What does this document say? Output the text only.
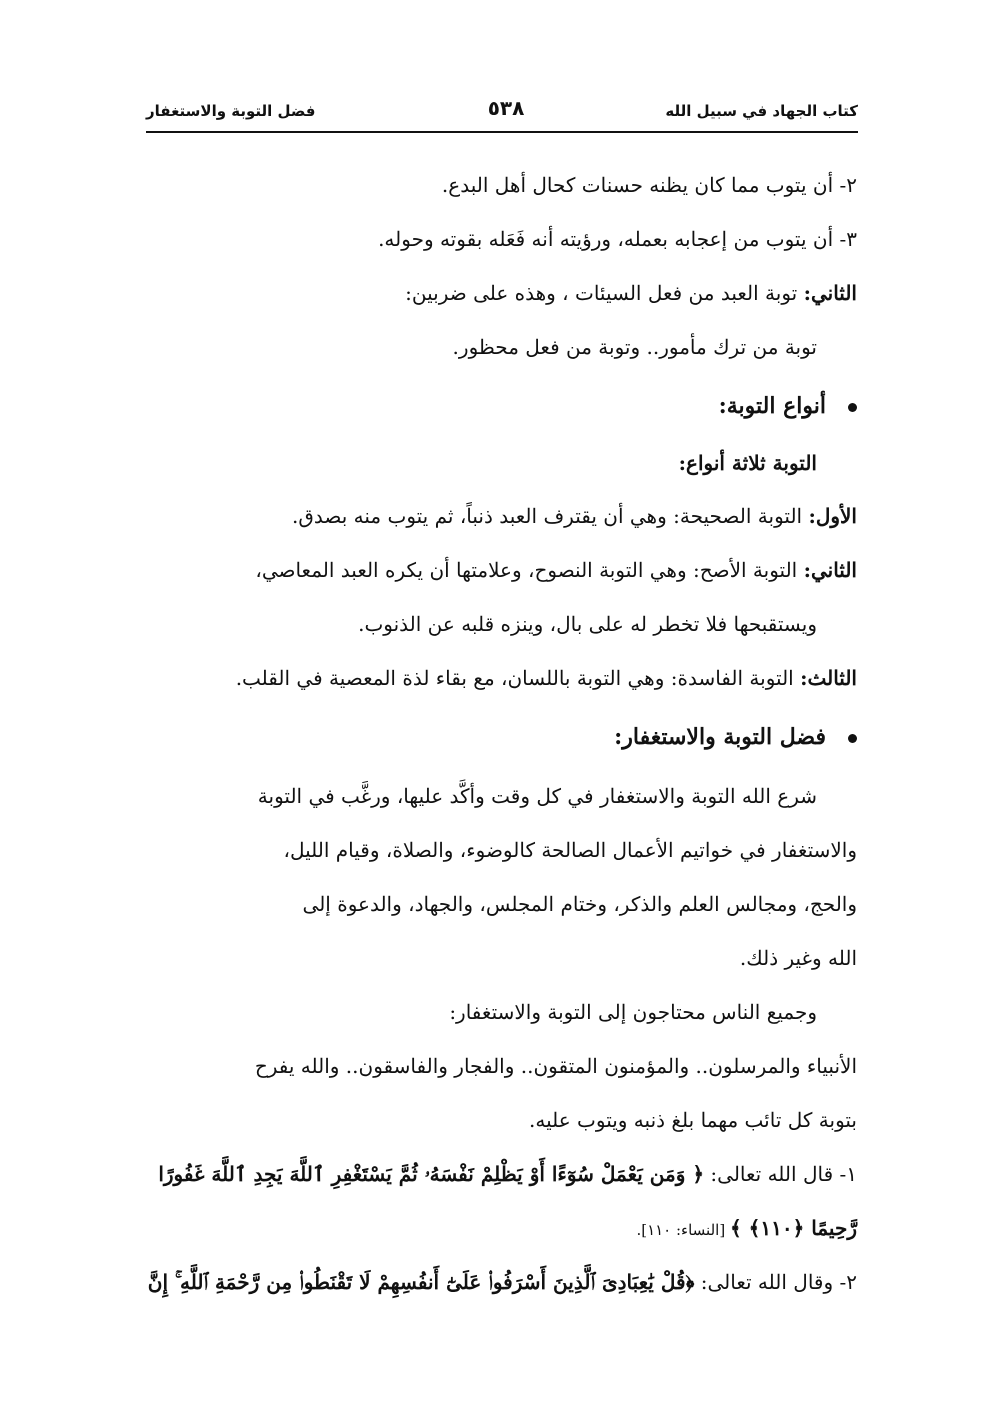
كتاب الجهاد في سبيل الله
٥٣٨
فضل التوبة والاستغفار
٢- أن يتوب مما كان يظنه حسنات كحال أهل البدع.
٣- أن يتوب من إعجابه بعمله، ورؤيته أنه فَعَله بقوته وحوله.
الثاني: توبة العبد من فعل السيئات ، وهذه على ضربين:
توبة من ترك مأمور.. وتوبة من فعل محظور.
أنواع التوبة:
التوبة ثلاثة أنواع:
الأول: التوبة الصحيحة: وهي أن يقترف العبد ذنباً، ثم يتوب منه بصدق.
الثاني: التوبة الأصح: وهي التوبة النصوح، وعلامتها أن يكره العبد المعاصي،
ويستقبحها فلا تخطر له على بال، وينزه قلبه عن الذنوب.
الثالث: التوبة الفاسدة: وهي التوبة باللسان، مع بقاء لذة المعصية في القلب.
فضل التوبة والاستغفار:
شرع الله التوبة والاستغفار في كل وقت وأكَّد عليها، ورغَّب في التوبة
والاستغفار في خواتيم الأعمال الصالحة كالوضوء، والصلاة، وقيام الليل،
والحج، ومجالس العلم والذكر، وختام المجلس، والجهاد، والدعوة إلى
الله وغير ذلك.
وجميع الناس محتاجون إلى التوبة والاستغفار:
الأنبياء والمرسلون.. والمؤمنون المتقون.. والفجار والفاسقون.. والله يفرح
بتوبة كل تائب مهما بلغ ذنبه ويتوب عليه.
١- قال الله تعالى: ﴿ وَمَن يَعْمَلْ سُوٓءًا أَوْ يَظْلِمْ نَفْسَهُۥ ثُمَّ يَسْتَغْفِرِ ٱللَّهَ يَجِدِ ٱللَّهَ غَفُورًا
رَّحِيمًا ﴿١١٠﴾ ﴾ [النساء: ١١٠].
٢- وقال الله تعالى: ﴿قُلْ يَٰعِبَادِىَ ٱلَّذِينَ أَسْرَفُوا۟ عَلَىٰٓ أَنفُسِهِمْ لَا تَقْنَطُوا۟ مِن رَّحْمَةِ ٱللَّهِ ۚ إِنَّ
